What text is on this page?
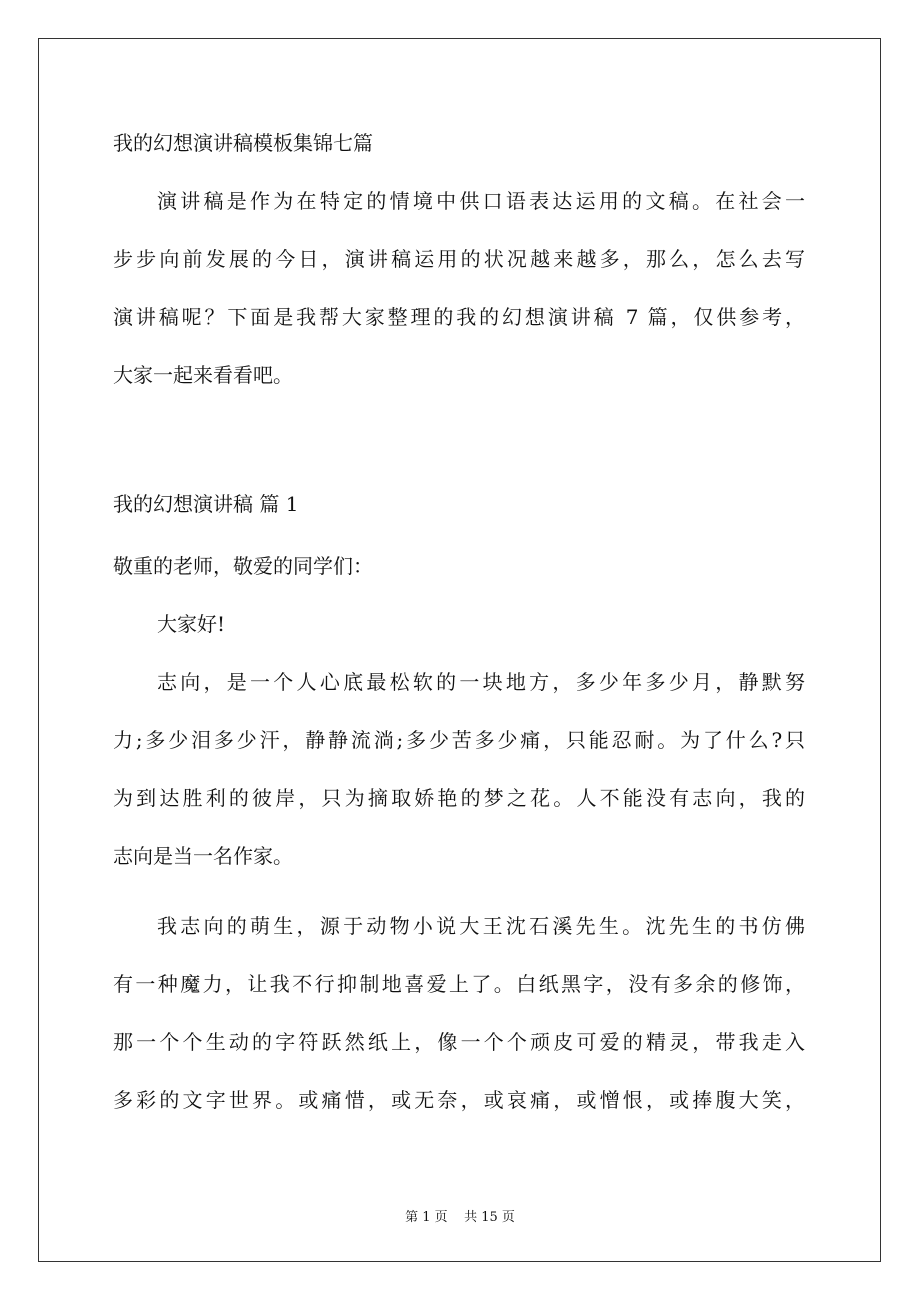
我的幻想演讲稿模板集锦七篇
演讲稿是作为在特定的情境中供口语表达运用的文稿。在社会一
步步向前发展的今日，演讲稿运用的状况越来越多，那么，怎么去写
演讲稿呢？下面是我帮大家整理的我的幻想演讲稿 7 篇，仅供参考，
大家一起来看看吧。
我的幻想演讲稿 篇 1
敬重的老师，敬爱的同学们：
大家好!
志向，是一个人心底最松软的一块地方，多少年多少月，静默努
力;多少泪多少汗，静静流淌;多少苦多少痛，只能忍耐。为了什么?只
为到达胜利的彼岸，只为摘取娇艳的梦之花。人不能没有志向，我的
志向是当一名作家。
我志向的萌生，源于动物小说大王沈石溪先生。沈先生的书仿佛
有一种魔力，让我不行抑制地喜爱上了。白纸黑字，没有多余的修饰，
那一个个生动的字符跃然纸上，像一个个顽皮可爱的精灵，带我走入
多彩的文字世界。或痛惜，或无奈，或哀痛，或憎恨，或捧腹大笑，
第 1 页    共 15 页
